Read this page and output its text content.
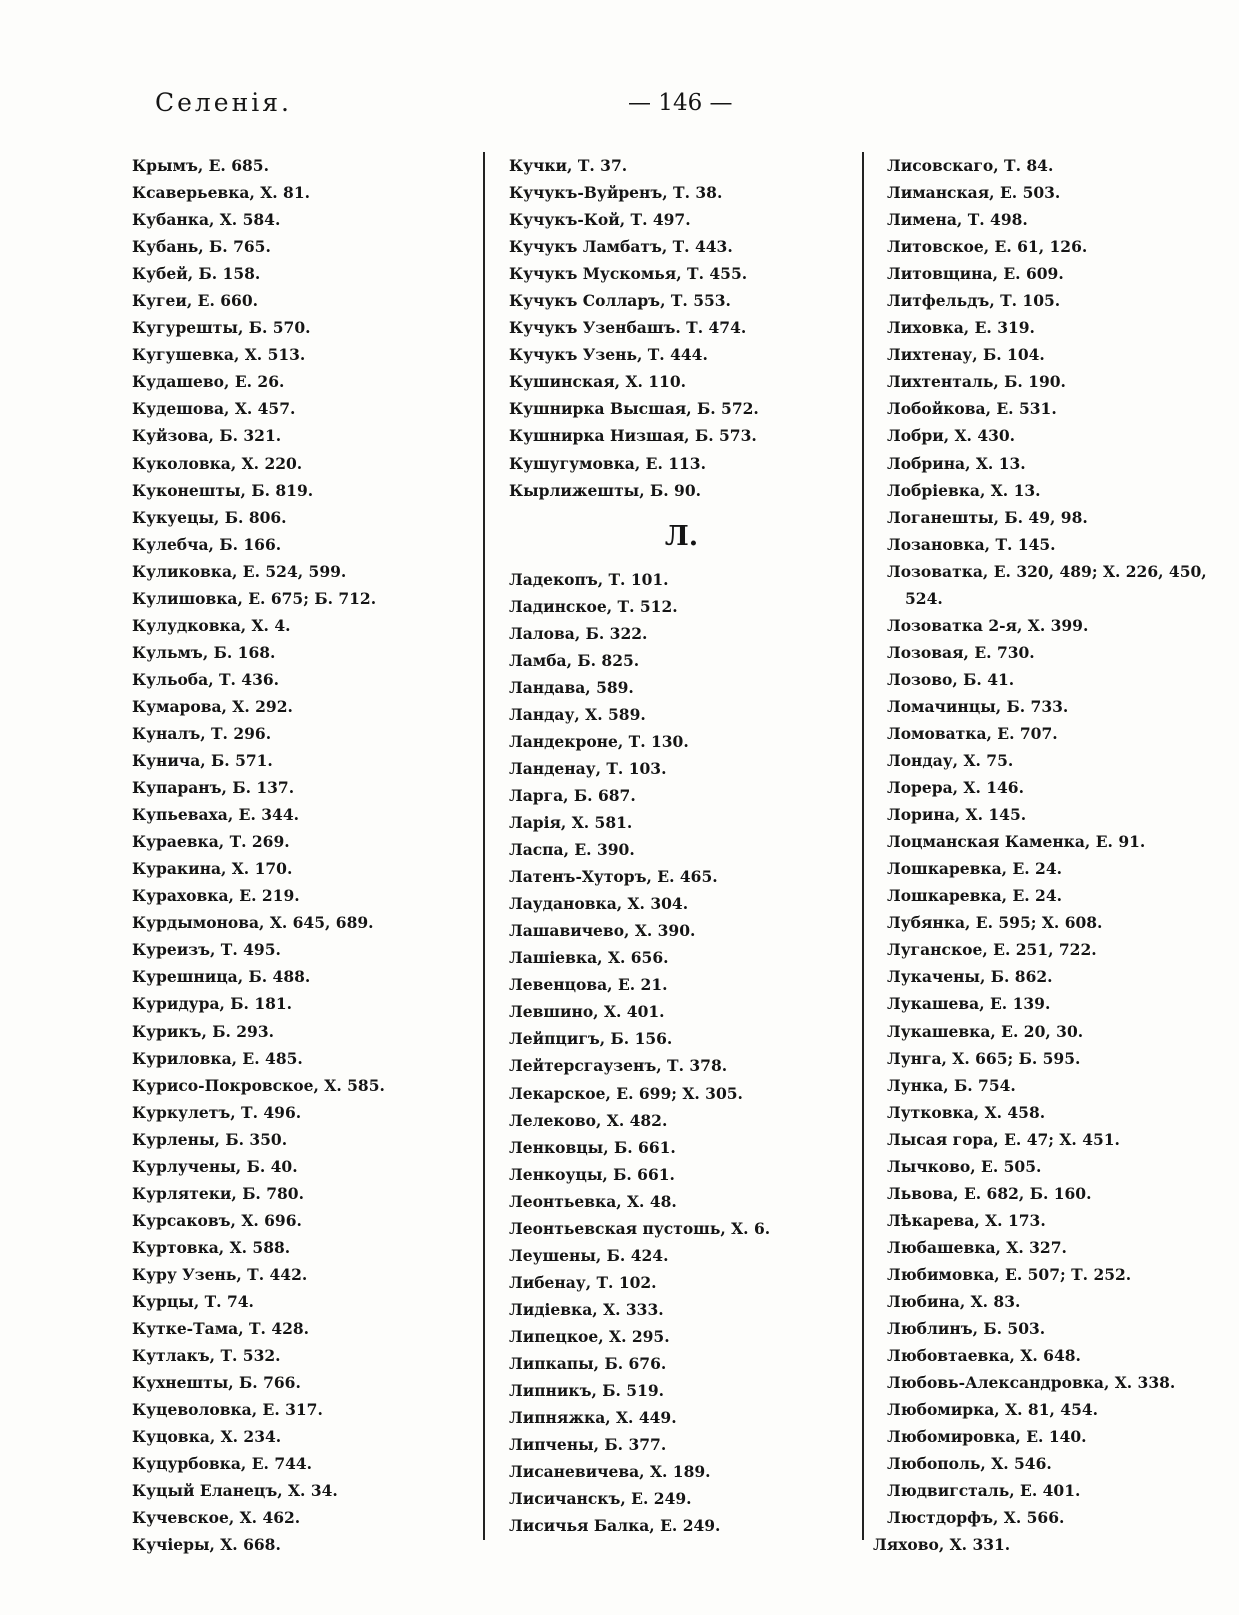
Селенія.	— 146 —
Крымъ, Е. 685.
Ксаверьевка, Х. 81.
Кубанка, Х. 584.
Кубань, Б. 765.
Кубей, Б. 158.
Кугеи, Е. 660.
Кугурешты, Б. 570.
Кугушевка, Х. 513.
Кудашево, Е. 26.
Кудешова, Х. 457.
Куйзова, Б. 321.
Куколовка, Х. 220.
Куконешты, Б. 819.
Кукуецы, Б. 806.
Кулебча, Б. 166.
Куликовка, Е. 524, 599.
Кулишовка, Е. 675; Б. 712.
Кулудковка, Х. 4.
Кульмъ, Б. 168.
Кульоба, Т. 436.
Кумарова, Х. 292.
Куналъ, Т. 296.
Кунича, Б. 571.
Купаранъ, Б. 137.
Купьеваха, Е. 344.
Кураевка, Т. 269.
Куракина, Х. 170.
Кураховка, Е. 219.
Курдымонова, Х. 645, 689.
Куреизъ, Т. 495.
Курешница, Б. 488.
Куридура, Б. 181.
Курикъ, Б. 293.
Куриловка, Е. 485.
Курисо-Покровское, Х. 585.
Куркулетъ, Т. 496.
Курлены, Б. 350.
Курлучены, Б. 40.
Курлятеки, Б. 780.
Курсаковъ, Х. 696.
Куртовка, Х. 588.
Куру Узень, Т. 442.
Курцы, Т. 74.
Кутке-Тама, Т. 428.
Кутлакъ, Т. 532.
Кухнешты, Б. 766.
Куцеволовка, Е. 317.
Куцовка, Х. 234.
Куцурбовка, Е. 744.
Куцый Еланецъ, Х. 34.
Кучевское, Х. 462.
Кучіеры, Х. 668.
Кучки, Т. 37.
Кучукъ-Вуйренъ, Т. 38.
Кучукъ-Кой, Т. 497.
Кучукъ Ламбатъ, Т. 443.
Кучукъ Мускомья, Т. 455.
Кучукъ Солларъ, Т. 553.
Кучукъ Узенбашъ. Т. 474.
Кучукъ Узень, Т. 444.
Кушинская, Х. 110.
Кушнирка Высшая, Б. 572.
Кушнирка Низшая, Б. 573.
Кушугумовка, Е. 113.
Кырлижешты, Б. 90.
Л.
Ладекопъ, Т. 101.
Ладинское, Т. 512.
Лалова, Б. 322.
Ламба, Б. 825.
Ландава, 589.
Ландау, Х. 589.
Ландекроне, Т. 130.
Ланденау, Т. 103.
Ларга, Б. 687.
Ларія, Х. 581.
Ласпа, Е. 390.
Латенъ-Хуторъ, Е. 465.
Лаудановка, Х. 304.
Лашавичево, Х. 390.
Лашіевка, Х. 656.
Левенцова, Е. 21.
Левшино, Х. 401.
Лейпцигъ, Б. 156.
Лейтерсгаузенъ, Т. 378.
Лекарское, Е. 699; Х. 305.
Лелеково, Х. 482.
Ленковцы, Б. 661.
Ленкоуцы, Б. 661.
Леонтьевка, Х. 48.
Леонтьевская пустошь, Х. 6.
Леушены, Б. 424.
Либенау, Т. 102.
Лидіевка, Х. 333.
Липецкое, Х. 295.
Липкапы, Б. 676.
Липникъ, Б. 519.
Липняжка, Х. 449.
Липчены, Б. 377.
Лисаневичева, Х. 189.
Лисичанскъ, Е. 249.
Лисичья Балка, Е. 249.
Лисовскаго, Т. 84.
Лиманская, Е. 503.
Лимена, Т. 498.
Литовское, Е. 61, 126.
Литовщина, Е. 609.
Литфельдъ, Т. 105.
Лиховка, Е. 319.
Лихтенау, Б. 104.
Лихтенталь, Б. 190.
Лобойкова, Е. 531.
Лобри, Х. 430.
Лобрина, Х. 13.
Лобріевка, Х. 13.
Логанешты, Б. 49, 98.
Лозановка, Т. 145.
Лозоватка, Е. 320, 489; Х. 226, 450,
524.
Лозоватка 2-я, Х. 399.
Лозовая, Е. 730.
Лозово, Б. 41.
Ломачинцы, Б. 733.
Ломоватка, Е. 707.
Лондау, Х. 75.
Лорера, Х. 146.
Лорина, Х. 145.
Лоцманская Каменка, Е. 91.
Лошкаревка, Е. 24.
Лошкаревка, Е. 24.
Лубянка, Е. 595; Х. 608.
Луганское, Е. 251, 722.
Лукачены, Б. 862.
Лукашева, Е. 139.
Лукашевка, Е. 20, 30.
Лунга, Х. 665; Б. 595.
Лунка, Б. 754.
Лутковка, Х. 458.
Лысая гора, Е. 47; Х. 451.
Лычково, Е. 505.
Львова, Е. 682, Б. 160.
Лѣкарева, Х. 173.
Любашевка, Х. 327.
Любимовка, Е. 507; Т. 252.
Любина, Х. 83.
Люблинъ, Б. 503.
Любовтаевка, Х. 648.
Любовь-Александровка, Х. 338.
Любомирка, Х. 81, 454.
Любомировка, Е. 140.
Любополь, Х. 546.
Людвигсталь, Е. 401.
Люстдорфъ, Х. 566.
Ляхово, Х. 331.
